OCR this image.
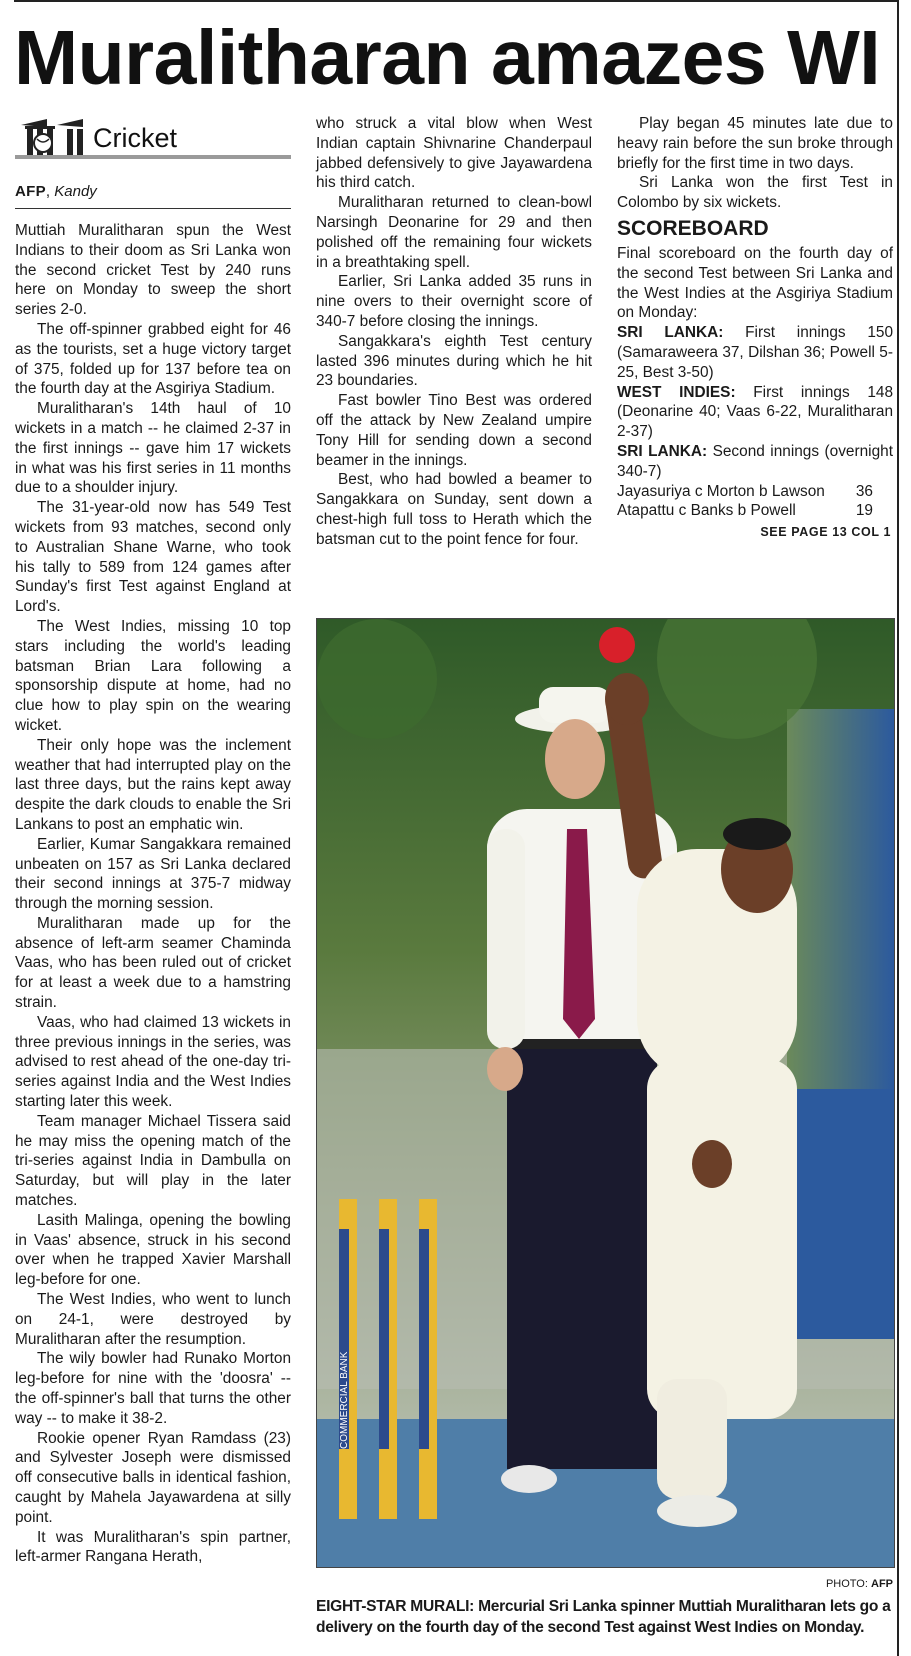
Muralitharan amazes WI
Cricket
AFP, Kandy

Muttiah Muralitharan spun the West Indians to their doom as Sri Lanka won the second cricket Test by 240 runs here on Monday to sweep the short series 2-0.

The off-spinner grabbed eight for 46 as the tourists, set a huge victory target of 375, folded up for 137 before tea on the fourth day at the Asgiriya Stadium.

Muralitharan's 14th haul of 10 wickets in a match -- he claimed 2-37 in the first innings -- gave him 17 wickets in what was his first series in 11 months due to a shoulder injury.

The 31-year-old now has 549 Test wickets from 93 matches, second only to Australian Shane Warne, who took his tally to 589 from 124 games after Sunday's first Test against England at Lord's.

The West Indies, missing 10 top stars including the world's leading batsman Brian Lara following a sponsorship dispute at home, had no clue how to play spin on the wearing wicket.

Their only hope was the inclement weather that had interrupted play on the last three days, but the rains kept away despite the dark clouds to enable the Sri Lankans to post an emphatic win.

Earlier, Kumar Sangakkara remained unbeaten on 157 as Sri Lanka declared their second innings at 375-7 midway through the morning session.

Muralitharan made up for the absence of left-arm seamer Chaminda Vaas, who has been ruled out of cricket for at least a week due to a hamstring strain.

Vaas, who had claimed 13 wickets in three previous innings in the series, was advised to rest ahead of the one-day tri-series against India and the West Indies starting later this week.

Team manager Michael Tissera said he may miss the opening match of the tri-series against India in Dambulla on Saturday, but will play in the later matches.

Lasith Malinga, opening the bowling in Vaas' absence, struck in his second over when he trapped Xavier Marshall leg-before for one.

The West Indies, who went to lunch on 24-1, were destroyed by Muralitharan after the resumption.

The wily bowler had Runako Morton leg-before for nine with the 'doosra' -- the off-spinner's ball that turns the other way -- to make it 38-2.

Rookie opener Ryan Ramdass (23) and Sylvester Joseph were dismissed off consecutive balls in identical fashion, caught by Mahela Jayawardena at silly point.

It was Muralitharan's spin partner, left-armer Rangana Herath,

who struck a vital blow when West Indian captain Shivnarine Chanderpaul jabbed defensively to give Jayawardena his third catch.

Muralitharan returned to clean-bowl Narsingh Deonarine for 29 and then polished off the remaining four wickets in a breathtaking spell.

Earlier, Sri Lanka added 35 runs in nine overs to their overnight score of 340-7 before closing the innings.

Sangakkara's eighth Test century lasted 396 minutes during which he hit 23 boundaries.

Fast bowler Tino Best was ordered off the attack by New Zealand umpire Tony Hill for sending down a second beamer in the innings.

Best, who had bowled a beamer to Sangakkara on Sunday, sent down a chest-high full toss to Herath which the batsman cut to the point fence for four.

Play began 45 minutes late due to heavy rain before the sun broke through briefly for the first time in two days.

Sri Lanka won the first Test in Colombo by six wickets.

SCOREBOARD

Final scoreboard on the fourth day of the second Test between Sri Lanka and the West Indies at the Asgiriya Stadium on Monday:

SRI LANKA: First innings 150 (Samaraweera 37, Dilshan 36; Powell 5-25, Best 3-50)

WEST INDIES: First innings 148 (Deonarine 40; Vaas 6-22, Muralitharan 2-37)

SRI LANKA: Second innings (overnight 340-7)

Jayasuriya c Morton b Lawson 36
Atapattu c Banks b Powell	19
SEE PAGE 13 COL 1
COMMERCIAL BANK
PHOTO: AFP
EIGHT-STAR MURALI: Mercurial Sri Lanka spinner Muttiah Muralitharan lets go a delivery on the fourth day of the second Test against West Indies on Monday.
